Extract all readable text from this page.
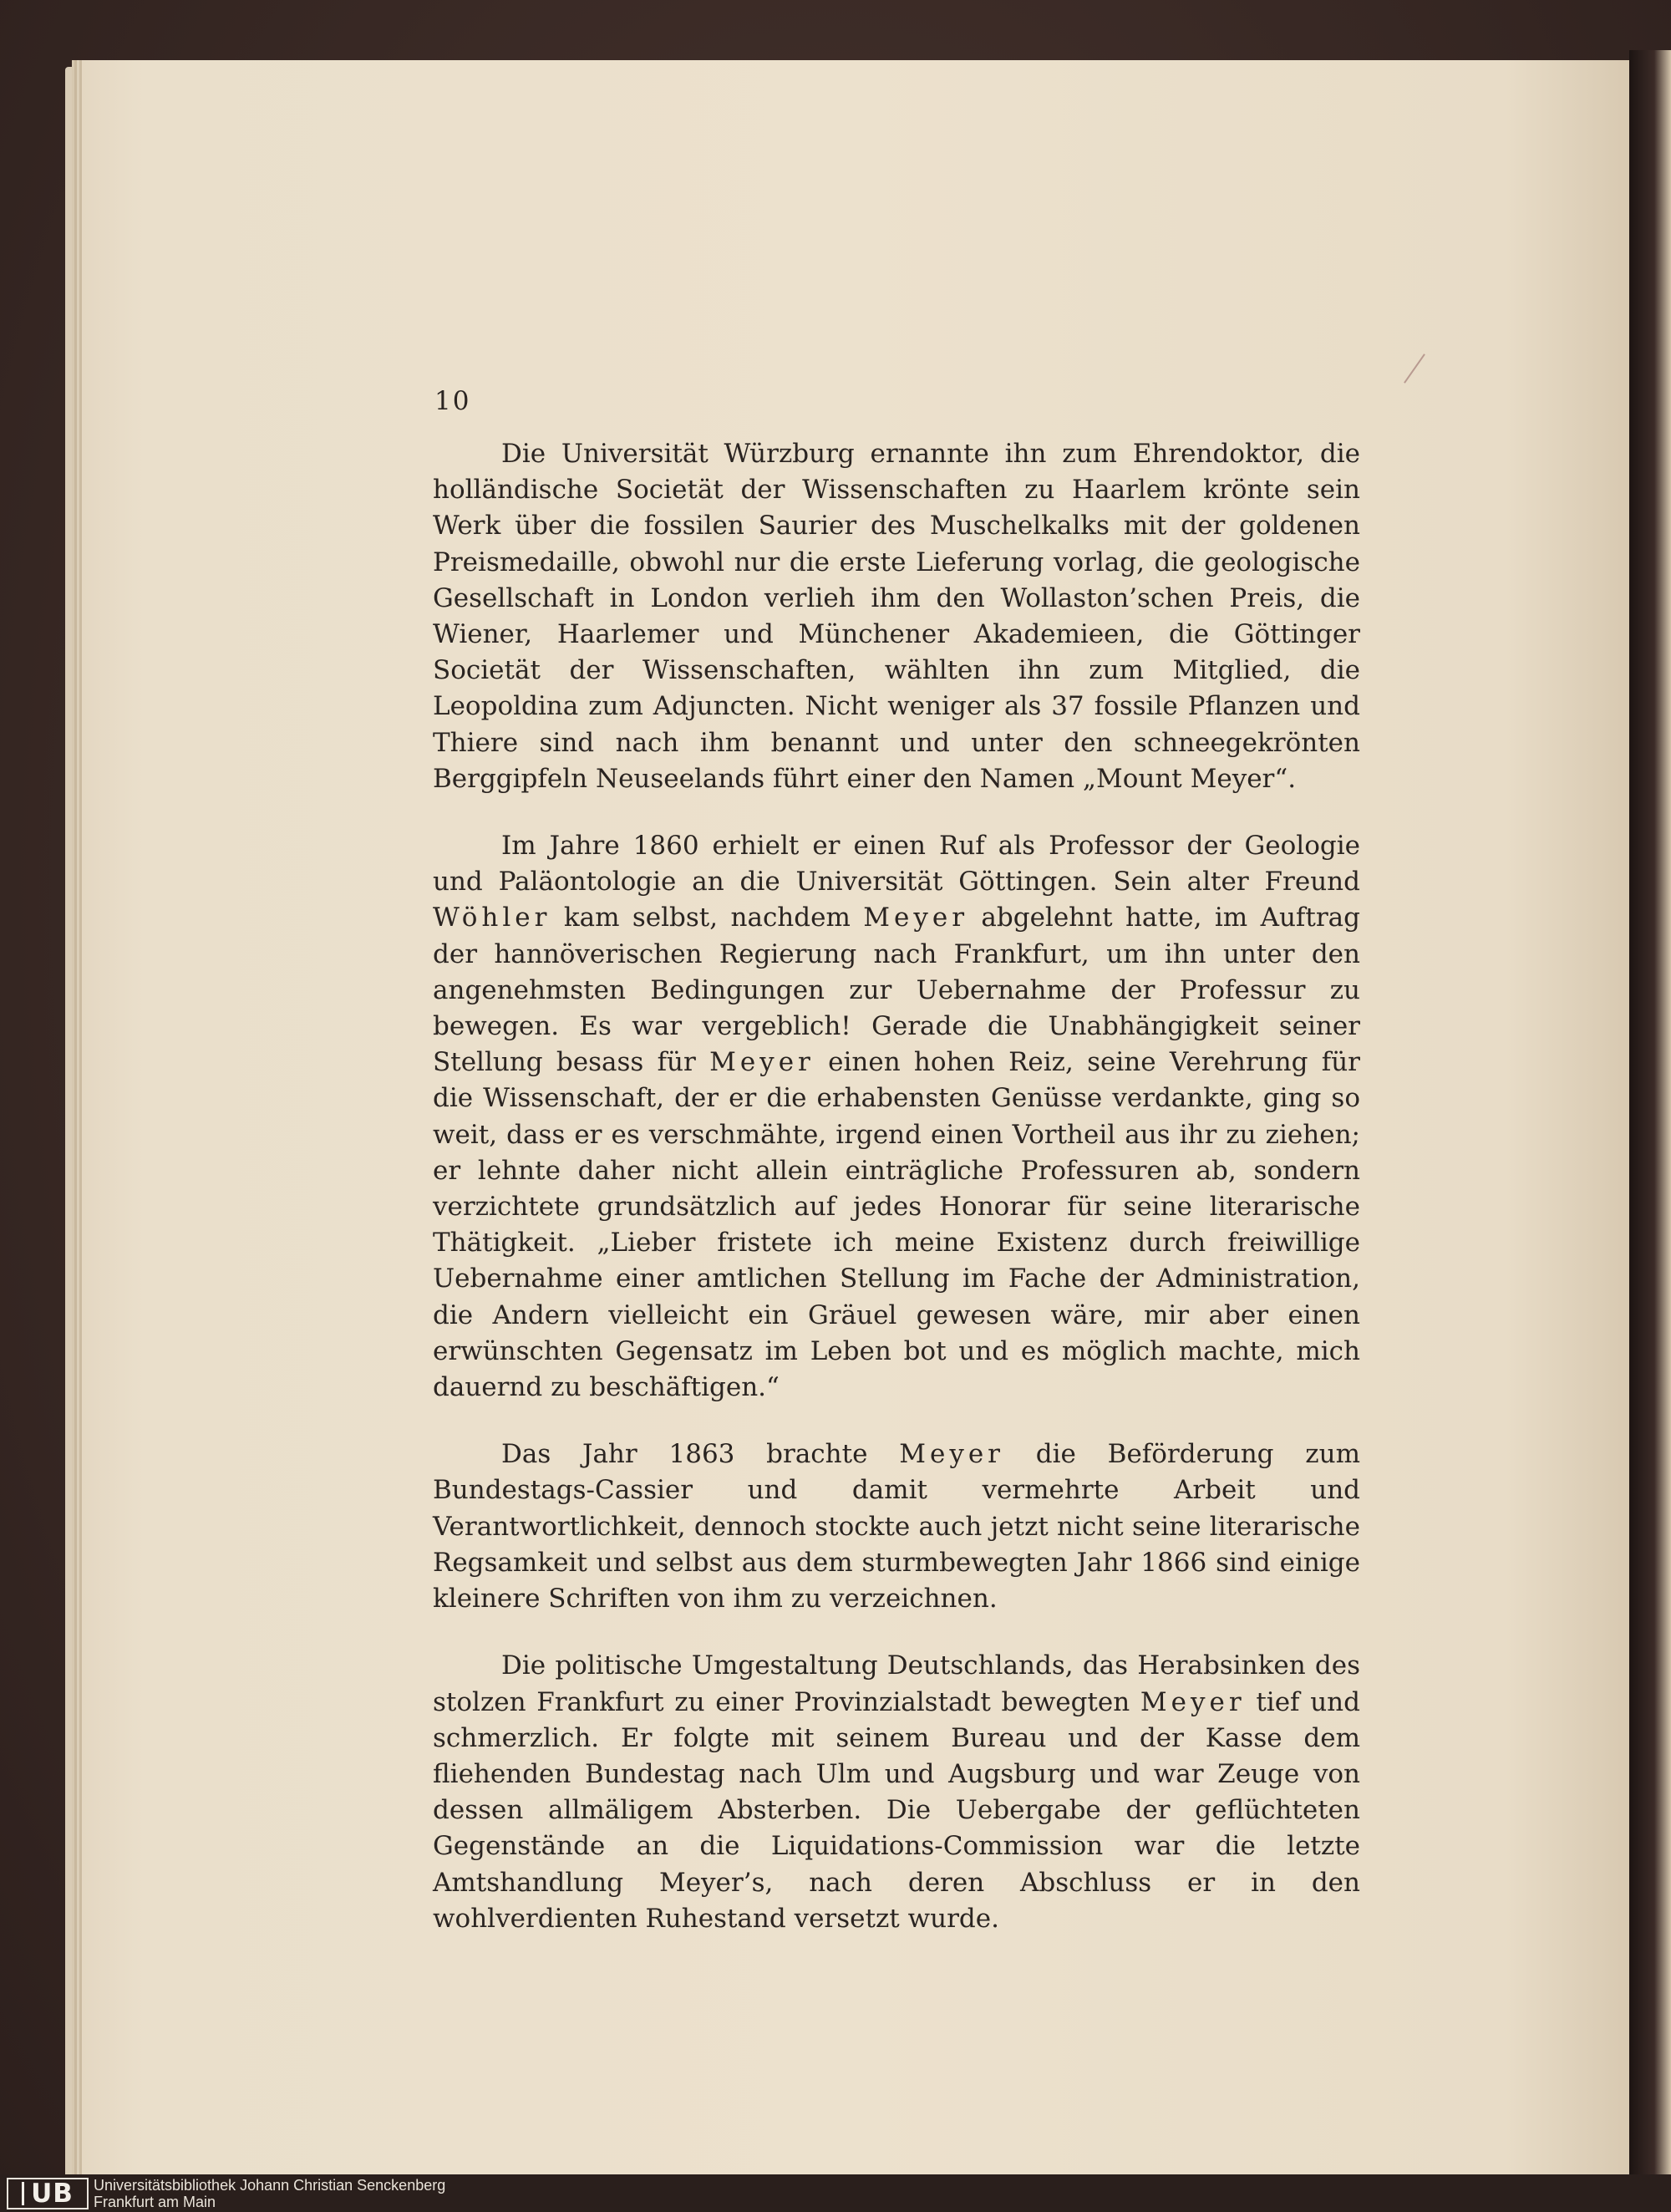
10

Die Universität Würzburg ernannte ihn zum Ehrendoktor, die holländische Societät der Wissenschaften zu Haarlem krönte sein Werk über die fossilen Saurier des Muschelkalks mit der goldenen Preismedaille, obwohl nur die erste Lieferung vorlag, die geologische Gesellschaft in London verlieh ihm den Wollaston’schen Preis, die Wiener, Haarlemer und Münchener Akademieen, die Göttinger Societät der Wissenschaften, wählten ihn zum Mitglied, die Leopoldina zum Adjuncten. Nicht weniger als 37 fossile Pflanzen und Thiere sind nach ihm benannt und unter den schneegekrönten Berggipfeln Neuseelands führt einer den Namen „Mount Meyer“.

Im Jahre 1860 erhielt er einen Ruf als Professor der Geologie und Paläontologie an die Universität Göttingen. Sein alter Freund Wöhler kam selbst, nachdem Meyer abgelehnt hatte, im Auftrag der hannöverischen Regierung nach Frankfurt, um ihn unter den angenehmsten Bedingungen zur Uebernahme der Professur zu bewegen. Es war vergeblich! Gerade die Unabhängigkeit seiner Stellung besass für Meyer einen hohen Reiz, seine Verehrung für die Wissenschaft, der er die erhabensten Genüsse verdankte, ging so weit, dass er es verschmähte, irgend einen Vortheil aus ihr zu ziehen; er lehnte daher nicht allein einträgliche Professuren ab, sondern verzichtete grundsätzlich auf jedes Honorar für seine literarische Thätigkeit. „Lieber fristete ich meine Existenz durch freiwillige Uebernahme einer amtlichen Stellung im Fache der Administration, die Andern vielleicht ein Gräuel gewesen wäre, mir aber einen erwünschten Gegensatz im Leben bot und es möglich machte, mich dauernd zu beschäftigen.“

Das Jahr 1863 brachte Meyer die Beförderung zum Bundestags-Cassier und damit vermehrte Arbeit und Verantwortlichkeit, dennoch stockte auch jetzt nicht seine literarische Regsamkeit und selbst aus dem sturmbewegten Jahr 1866 sind einige kleinere Schriften von ihm zu verzeichnen.

Die politische Umgestaltung Deutschlands, das Herabsinken des stolzen Frankfurt zu einer Provinzialstadt bewegten Meyer tief und schmerzlich. Er folgte mit seinem Bureau und der Kasse dem fliehenden Bundestag nach Ulm und Augsburg und war Zeuge von dessen allmäligem Absterben. Die Uebergabe der geflüchteten Gegenstände an die Liquidations-Commission war die letzte Amtshandlung Meyer’s, nach deren Abschluss er in den wohlverdienten Ruhestand versetzt wurde.

UB Universitätsbibliothek Johann Christian Senckenberg
Frankfurt am Main
